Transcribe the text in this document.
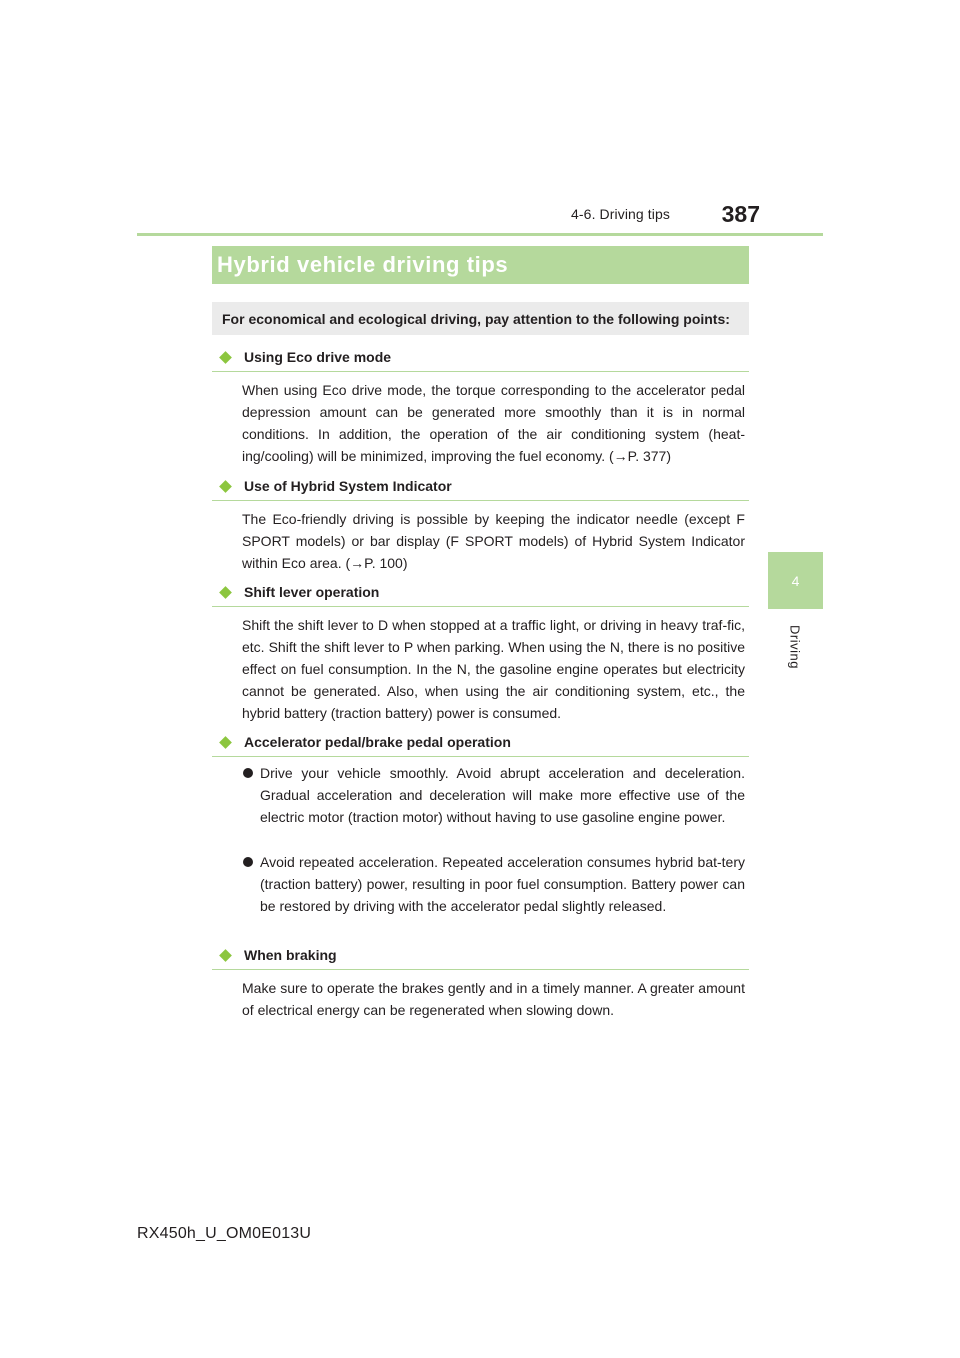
4-6. Driving tips	387
4
Driving
Hybrid vehicle driving tips
For economical and ecological driving, pay attention to the following points:
Using Eco drive mode
When using Eco drive mode, the torque corresponding to the accelerator pedal depression amount can be generated more smoothly than it is in normal conditions. In addition, the operation of the air conditioning system (heat-ing/cooling) will be minimized, improving the fuel economy. (→P. 377)
Use of Hybrid System Indicator
The Eco-friendly driving is possible by keeping the indicator needle (except F SPORT models) or bar display (F SPORT models) of Hybrid System Indicator within Eco area. (→P. 100)
Shift lever operation
Shift the shift lever to D when stopped at a traffic light, or driving in heavy traf-fic, etc. Shift the shift lever to P when parking. When using the N, there is no positive effect on fuel consumption. In the N, the gasoline engine operates but electricity cannot be generated. Also, when using the air conditioning system, etc., the hybrid battery (traction battery) power is consumed.
Accelerator pedal/brake pedal operation
Drive your vehicle smoothly. Avoid abrupt acceleration and deceleration. Gradual acceleration and deceleration will make more effective use of the electric motor (traction motor) without having to use gasoline engine power.
Avoid repeated acceleration. Repeated acceleration consumes hybrid bat-tery (traction battery) power, resulting in poor fuel consumption. Battery power can be restored by driving with the accelerator pedal slightly released.
When braking
Make sure to operate the brakes gently and in a timely manner. A greater amount of electrical energy can be regenerated when slowing down.
RX450h_U_OM0E013U
